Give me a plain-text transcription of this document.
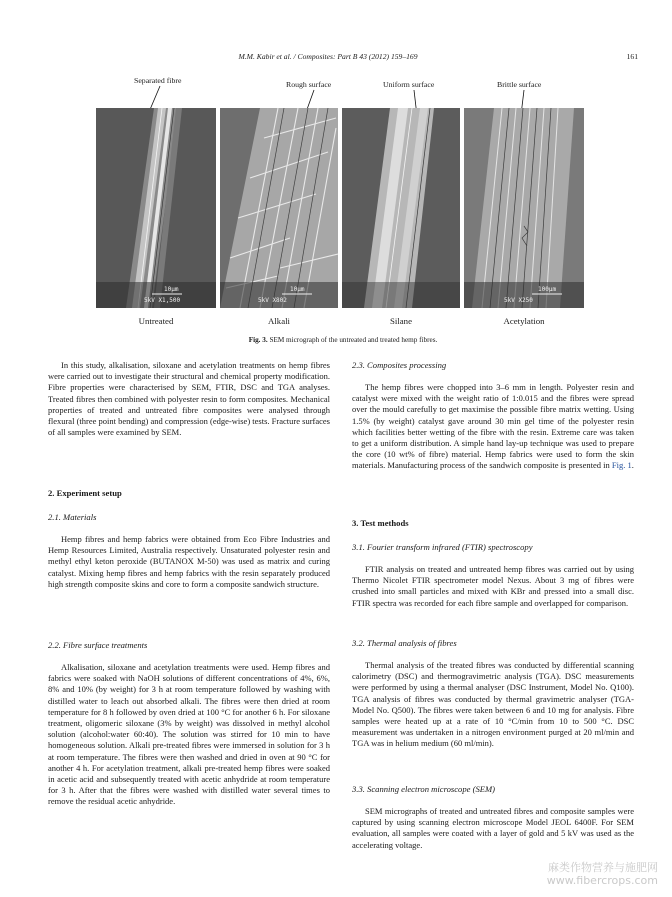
M.M. Kabir et al. / Composites: Part B 43 (2012) 159–169	161
Separated fibre	Rough surface	Uniform surface	Brittle surface
10µm
5kV X1,500
10µm
5kV X802
100µm
5kV X250
Untreated	Alkali	Silane	Acetylation
Fig. 3. SEM micrograph of the untreated and treated hemp fibres.

In this study, alkalisation, siloxane and acetylation treatments on hemp fibres were carried out to investigate their structural and chemical property modification. Fibre properties were characterised by SEM, FTIR, DSC and TGA analyses. Treated fibres then combined with polyester resin to form composites. Mechanical properties of treated and untreated fibre composites were analysed through flexural (three point bending) and compression (edge-wise) tests. Fracture surfaces of all samples were examined by SEM.

2. Experiment setup
2.1. Materials

Hemp fibres and hemp fabrics were obtained from Eco Fibre Industries and Hemp Resources Limited, Australia respectively. Unsaturated polyester resin and methyl ethyl keton peroxide (BUTANOX M-50) was used as matrix and curing catalyst. Mixing hemp fibres and hemp fabrics with the resin separately produced high strength composite skins and core to form a composite sandwich structure.

2.2. Fibre surface treatments

Alkalisation, siloxane and acetylation treatments were used. Hemp fibres and fabrics were soaked with NaOH solutions of different concentrations of 4%, 6%, 8% and 10% (by weight) for 3 h at room temperature followed by washing with distilled water to leach out absorbed alkali. The fibres were then dried at room temperature for 8 h followed by oven dried at 100 °C for another 6 h. For siloxane treatment, oligomeric siloxane (3% by weight) was dissolved in methyl alcohol solution (alcohol:water 60:40). The solution was stirred for 10 min to have homogeneous solution. Alkali pre-treated fibres were immersed in solution for 3 h at room temperature. The fibres were then washed and dried in oven at 90 °C for another 4 h. For acetylation treatment, alkali pre-treated hemp fibres were soaked in acetic acid and subsequently treated with acetic anhydride at room temperature for 3 h. After that the fibres were washed with distilled water several times to remove the residual acetic anhydride.

2.3. Composites processing

The hemp fibres were chopped into 3–6 mm in length. Polyester resin and catalyst were mixed with the weight ratio of 1:0.015 and the fibres were spread over the mould carefully to get maximise the possible fibre matrix wetting. Using 1.5% (by weight) catalyst gave around 30 min gel time of the polyester resin which facilities better wetting of the fibre with the resin. Extreme care was taken to get a uniform distribution. A simple hand lay-up technique was used to prepare the core (10 wt% of fibre) material. Hemp fabrics were used to form the skin materials. Manufacturing process of the sandwich composite is presented in Fig. 1.

3. Test methods
3.1. Fourier transform infrared (FTIR) spectroscopy

FTIR analysis on treated and untreated hemp fibres was carried out by using Thermo Nicolet FTIR spectrometer model Nexus. About 3 mg of fibres were crushed into small particles and mixed with KBr and pressed into a small disc. FTIR spectra was recorded for each fibre sample and overlapped for comparison.

3.2. Thermal analysis of fibres

Thermal analysis of the treated fibres was conducted by differential scanning calorimetry (DSC) and thermogravimetric analysis (TGA). DSC measurements were performed by using a thermal analyser (DSC Instrument, Model No. Q100). TGA analysis of fibres was conducted by thermal gravimetric analyser (TGA-Model No. Q500). The fibres were taken between 6 and 10 mg for analysis. Fibre samples were heated up at a rate of 10 °C/min from 10 to 500 °C. DSC measurement was undertaken in a nitrogen environment purged at 20 ml/min and TGA was in helium medium (60 ml/min).

3.3. Scanning electron microscope (SEM)

SEM micrographs of treated and untreated fibres and composite samples were captured by using scanning electron microscope Model JEOL 6400F. For SEM evaluation, all samples were coated with a layer of gold and 5 kV was used as the accelerating voltage.

麻类作物营养与施肥网
www.fibercrops.com
